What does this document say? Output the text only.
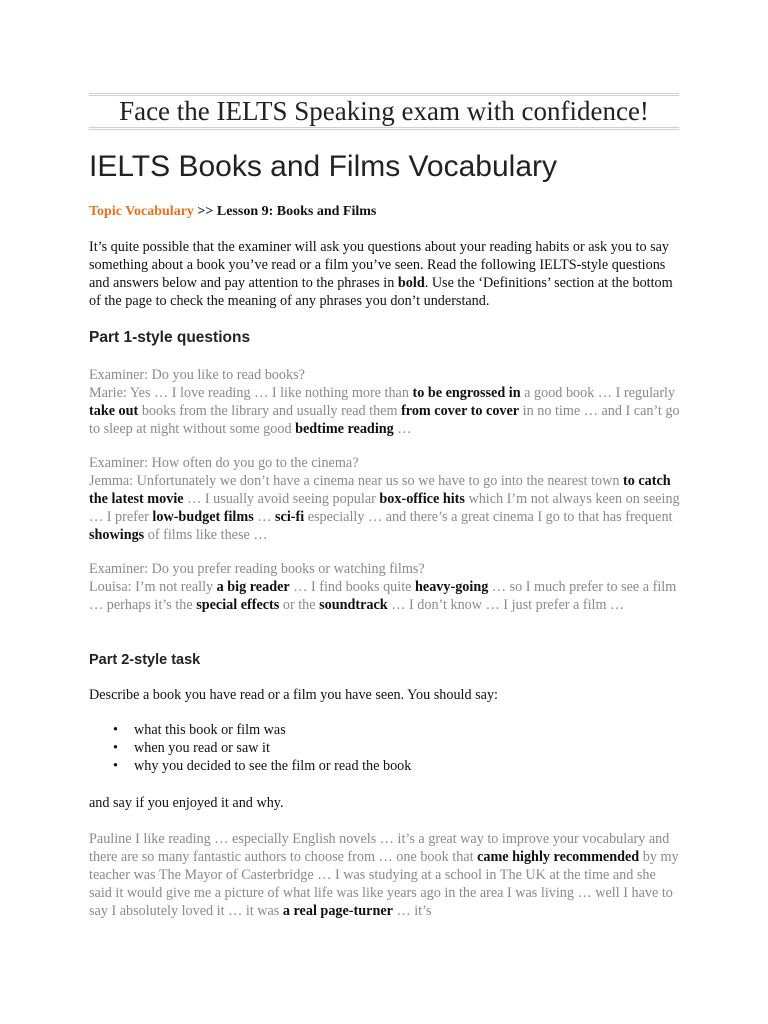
Face the IELTS Speaking exam with confidence!
IELTS Books and Films Vocabulary
Topic Vocabulary >> Lesson 9: Books and Films

It’s quite possible that the examiner will ask you questions about your reading habits or ask you to say something about a book you’ve read or a film you’ve seen. Read the following IELTS-style questions and answers below and pay attention to the phrases in bold. Use the ‘Definitions’ section at the bottom of the page to check the meaning of any phrases you don’t understand.

Part 1-style questions

Examiner: Do you like to read books?
Marie: Yes … I love reading … I like nothing more than to be engrossed in a good book … I regularly take out books from the library and usually read them from cover to cover in no time … and I can’t go to sleep at night without some good bedtime reading …

Examiner: How often do you go to the cinema?
Jemma: Unfortunately we don’t have a cinema near us so we have to go into the nearest town to catch the latest movie … I usually avoid seeing popular box-office hits which I’m not always keen on seeing … I prefer low-budget films … sci-fi especially … and there’s a great cinema I go to that has frequent showings of films like these …

Examiner: Do you prefer reading books or watching films?
Louisa: I’m not really a big reader … I find books quite heavy-going … so I much prefer to see a film … perhaps it’s the special effects or the soundtrack … I don’t know … I just prefer a film …

Part 2-style task

Describe a book you have read or a film you have seen. You should say:

• what this book or film was
• when you read or saw it
• why you decided to see the film or read the book

and say if you enjoyed it and why.

Pauline I like reading … especially English novels … it’s a great way to improve your vocabulary and there are so many fantastic authors to choose from … one book that came highly recommended by my teacher was The Mayor of Casterbridge … I was studying at a school in The UK at the time and she said it would give me a picture of what life was like years ago in the area I was living … well I have to say I absolutely loved it … it was a real page-turner … it’s
